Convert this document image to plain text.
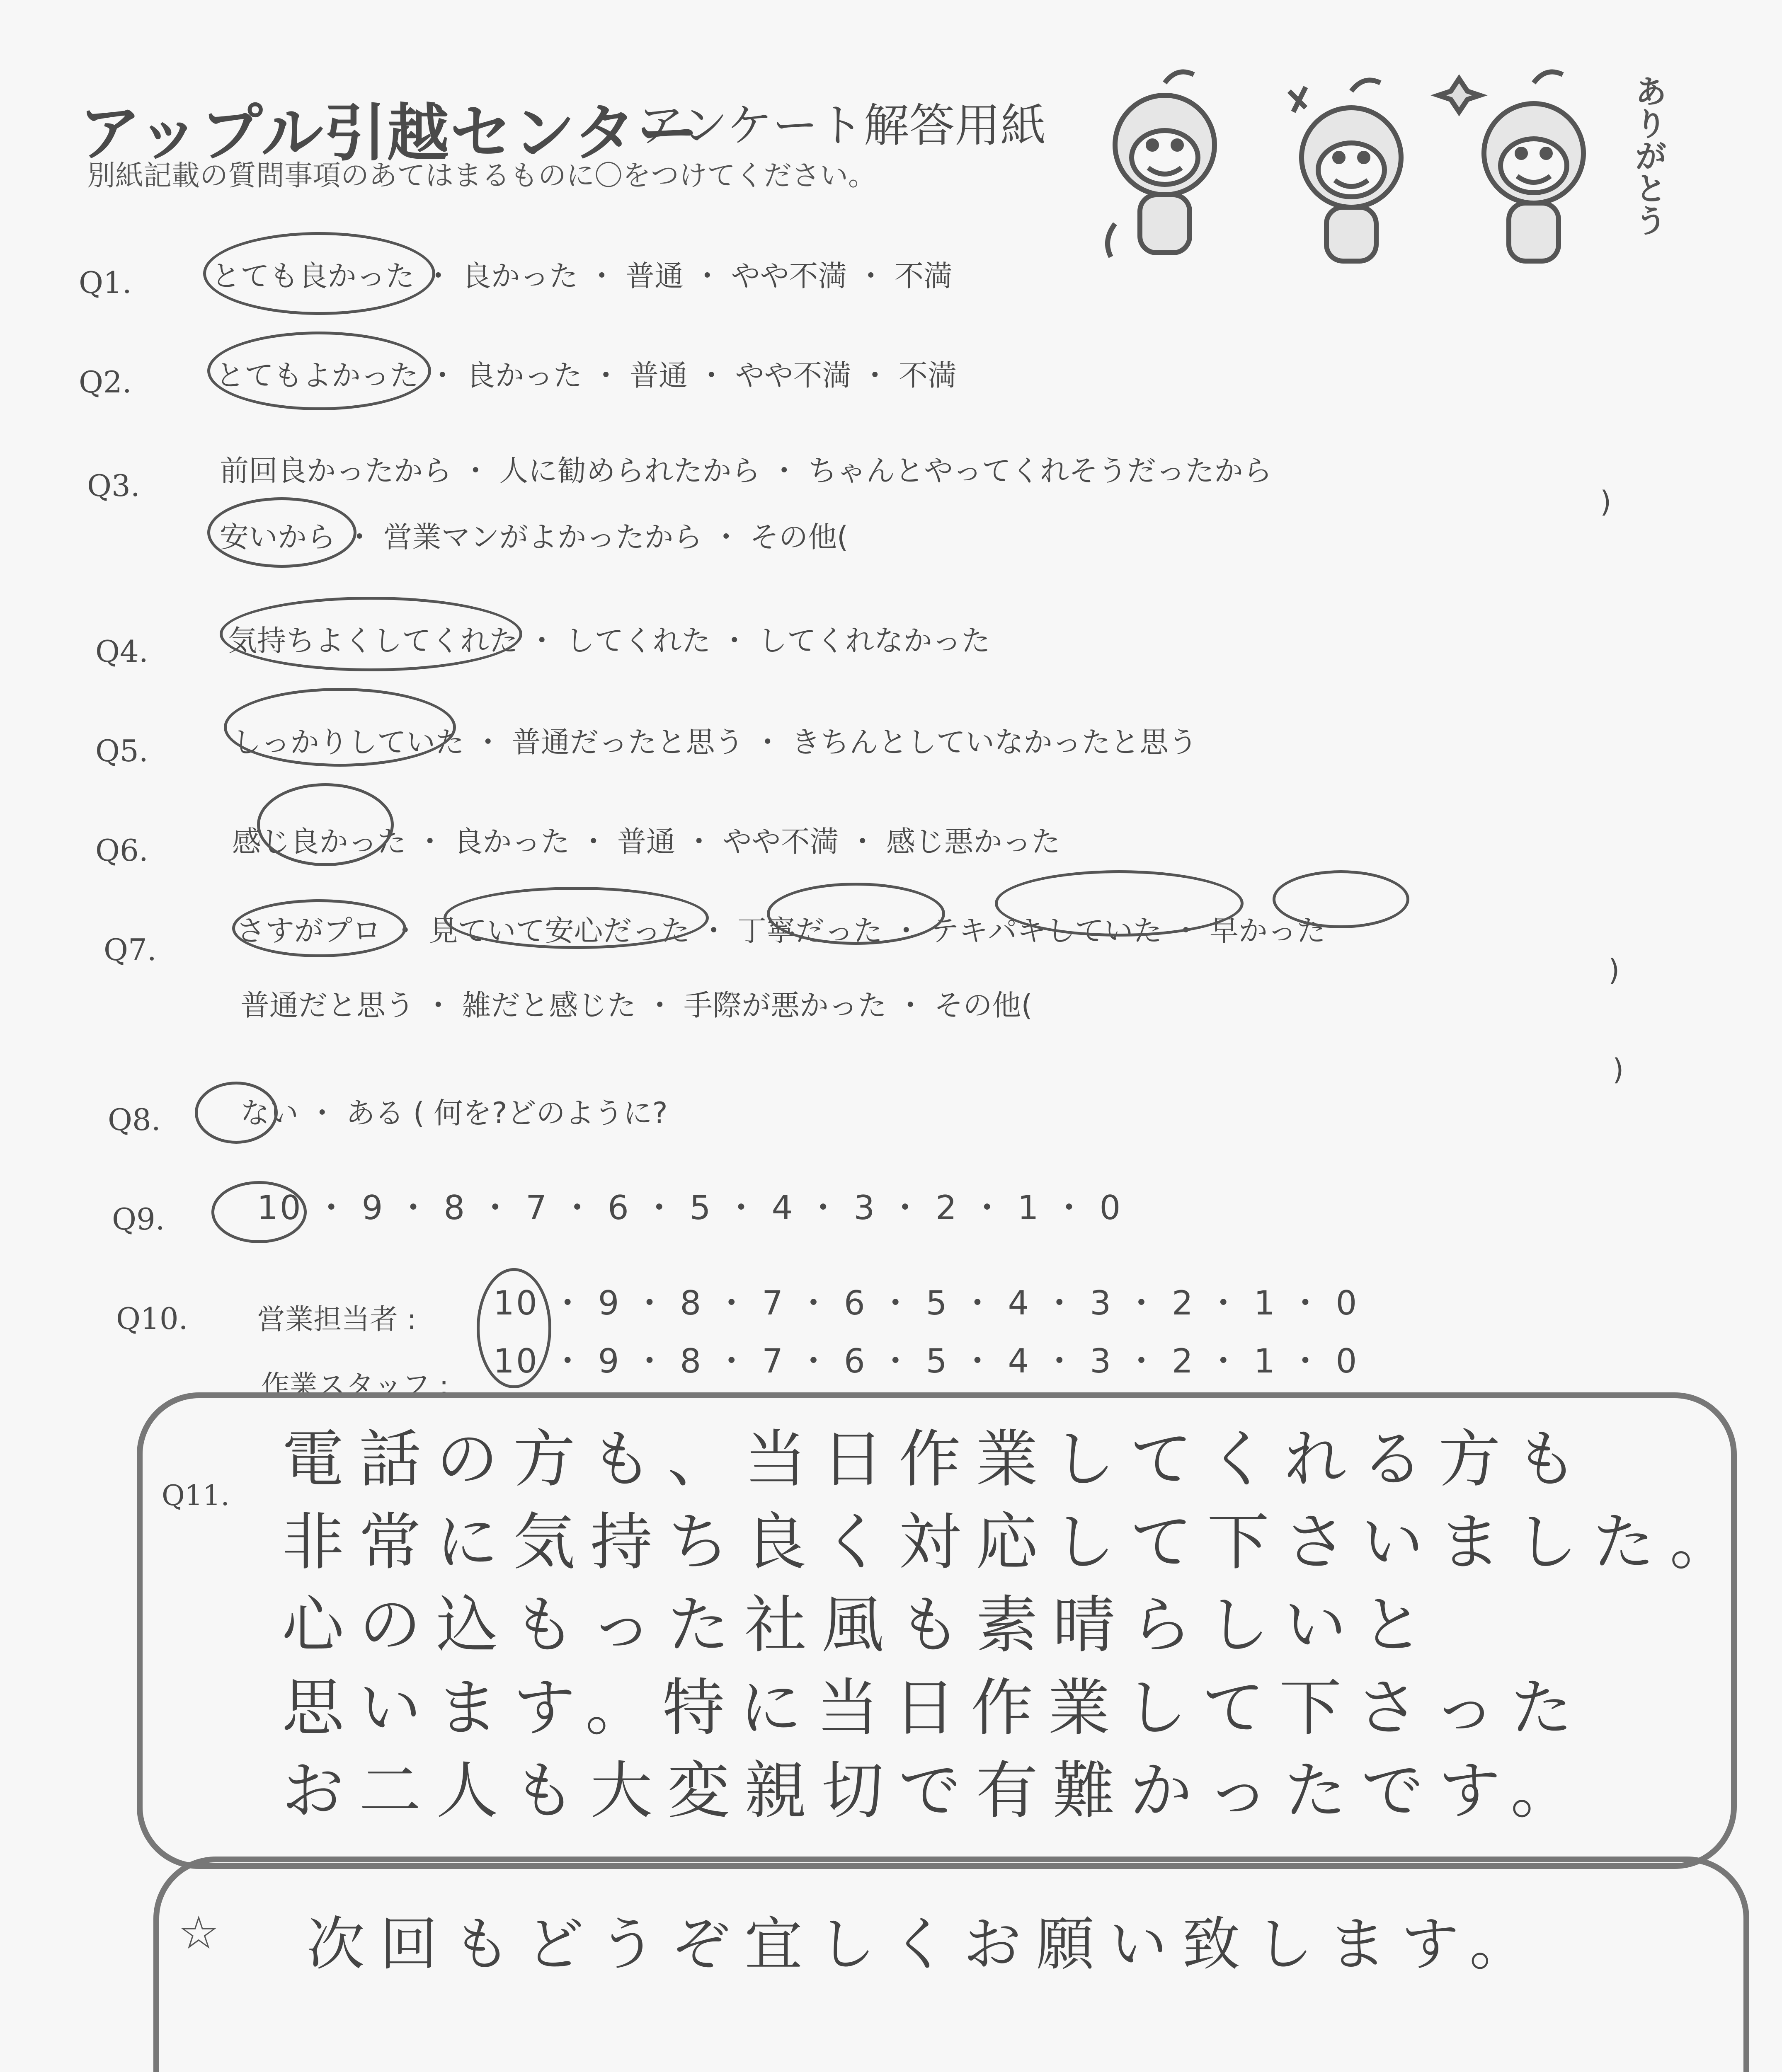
アップル引越センター
アンケート解答用紙
別紙記載の質問事項のあてはまるものに〇をつけてください。	ありがとう
Q1.	とても良かった ・ 良かった ・ 普通 ・ やや不満 ・ 不満
Q2.	とてもよかった ・ 良かった ・ 普通 ・ やや不満 ・ 不満
Q3.	前回良かったから ・ 人に勧められたから ・ ちゃんとやってくれそうだったから
安いから ・ 営業マンがよかったから ・ その他(
)
Q4.	気持ちよくしてくれた ・ してくれた ・ してくれなかった
Q5.	しっかりしていた ・ 普通だったと思う ・ きちんとしていなかったと思う
Q6.	感じ良かった ・ 良かった ・ 普通 ・ やや不満 ・ 感じ悪かった
Q7.
さすがプロ ・ 見ていて安心だった ・ 丁寧だった ・ テキパキしていた ・ 早かった
普通だと思う ・ 雑だと感じた ・ 手際が悪かった ・ その他(
)
Q8.	ない ・ ある ( 何を?どのように?
)
Q9.	10 ・ 9 ・ 8 ・ 7 ・ 6 ・ 5 ・ 4 ・ 3 ・ 2 ・ 1 ・ 0
Q10. 営業担当者 : 10 ・ 9 ・ 8 ・ 7 ・ 6 ・ 5 ・ 4 ・ 3 ・ 2 ・ 1 ・ 0
作業スタッフ :
10 ・ 9 ・ 8 ・ 7 ・ 6 ・ 5 ・ 4 ・ 3 ・ 2 ・ 1 ・ 0
Q11.
電話の方も、当日作業してくれる方も
非常に気持ち良く対応して下さいました。
心の込もった社風も素晴らしいと
思います。特に当日作業して下さった
お二人も大変親切で有難かったです。
☆ 次回もどうぞ宜しくお願い致します。
